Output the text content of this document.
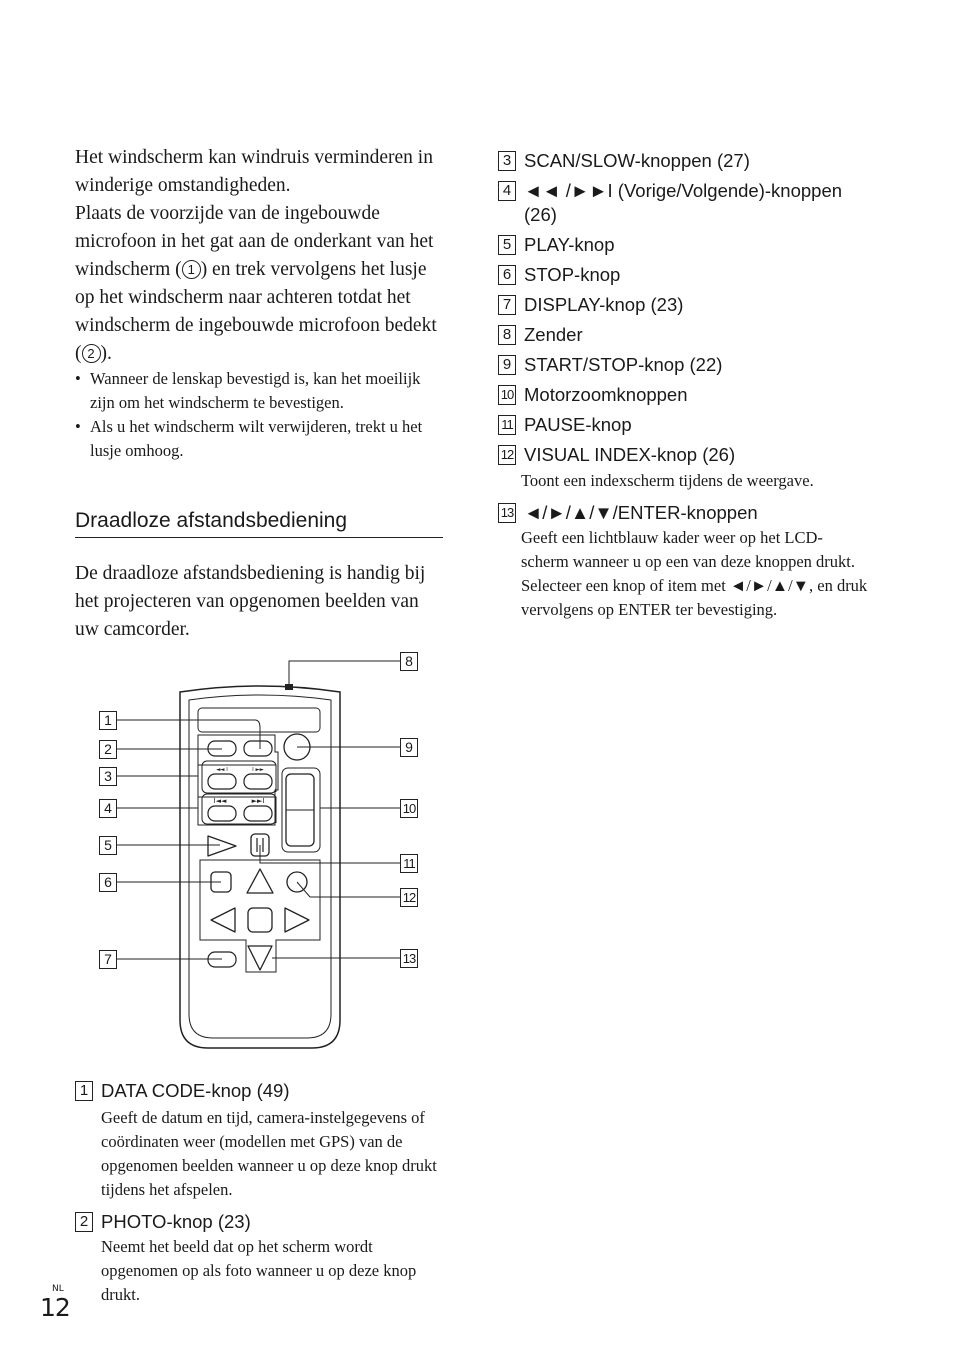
Het windscherm kan windruis verminderen in winderige omstandigheden.
Plaats de voorzijde van de ingebouwde microfoon in het gat aan de onderkant van het windscherm ( 1 ) en trek vervolgens het lusje op het windscherm naar achteren totdat het windscherm de ingebouwde microfoon bedekt ( 2 ).
• Wanneer de lenskap bevestigd is, kan het moeilijk zijn om het windscherm te bevestigen.
• Als u het windscherm wilt verwijderen, trekt u het lusje omhoog.
Draadloze afstandsbediening
De draadloze afstandsbediening is handig bij het projecteren van opgenomen beelden van uw camcorder.
◄◄ I	I ►►
I◄◄	►►I
1
2
3
4
5
6
7
8
9
10
11
12
13
1 DATA CODE-knop (49)
Geeft de datum en tijd, camera-instelgegevens of coördinaten weer (modellen met GPS) van de opgenomen beelden wanneer u op deze knop drukt tijdens het afspelen.
2 PHOTO-knop (23)
Neemt het beeld dat op het scherm wordt opgenomen op als foto wanneer u op deze knop drukt.
3 SCAN/SLOW-knoppen (27)
4 ◄◄ /►►I (Vorige/Volgende)-knoppen (26)
5 PLAY-knop
6 STOP-knop
7 DISPLAY-knop (23)
8 Zender
9 START/STOP-knop (22)
10 Motorzoomknoppen
11 PAUSE-knop
12 VISUAL INDEX-knop (26)
Toont een indexscherm tijdens de weergave.
13 ◄/►/▲/▼/ENTER-knoppen
Geeft een lichtblauw kader weer op het LCD-scherm wanneer u op een van deze knoppen drukt. Selecteer een knop of item met ◄/►/▲/▼, en druk vervolgens op ENTER ter bevestiging.
NL
12
